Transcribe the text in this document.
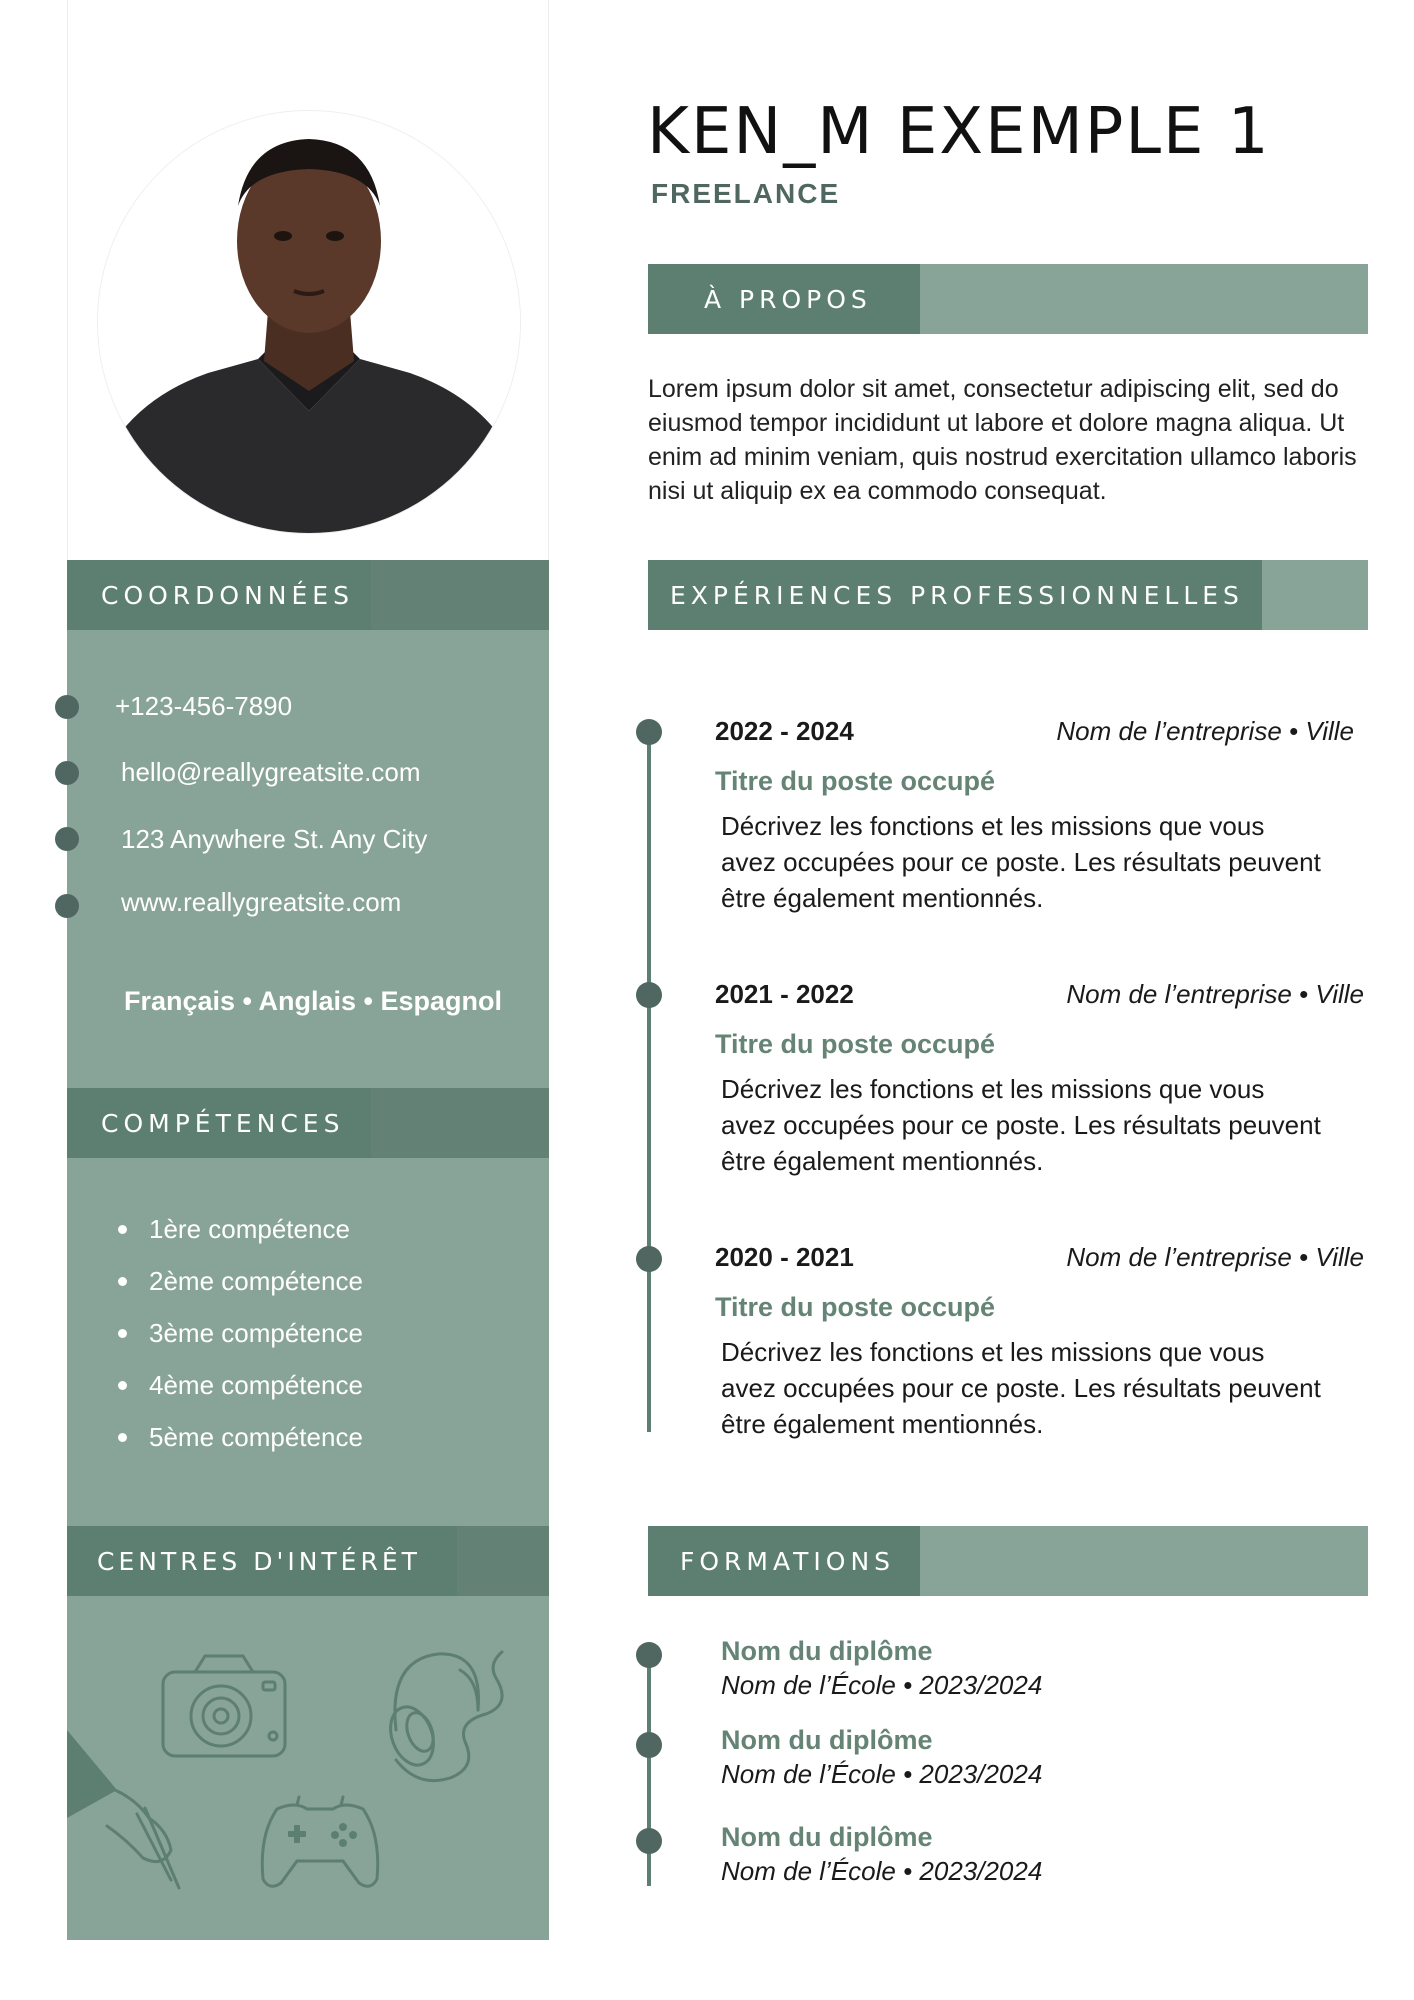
COORDONNÉES
+123-456-7890
hello@reallygreatsite.com
123 Anywhere St. Any City
www.reallygreatsite.com
Français • Anglais • Espagnol
COMPÉTENCES
1ère compétence
2ème compétence
3ème compétence
4ème compétence
5ème compétence
CENTRES D'INTÉRÊT
KEN_M EXEMPLE 1
FREELANCE
À PROPOS
Lorem ipsum dolor sit amet, consectetur adipiscing elit, sed do eiusmod tempor incididunt ut labore et dolore magna aliqua. Ut enim ad minim veniam, quis nostrud exercitation ullamco laboris nisi ut aliquip ex ea commodo consequat.
EXPÉRIENCES PROFESSIONNELLES
2022 - 2024	Nom de l’entreprise • Ville
Titre du poste occupé
Décrivez les fonctions et les missions que vous avez occupées pour ce poste. Les résultats peuvent être également mentionnés.
2021 - 2022	Nom de l’entreprise • Ville
Titre du poste occupé
Décrivez les fonctions et les missions que vous avez occupées pour ce poste. Les résultats peuvent être également mentionnés.
2020 - 2021	Nom de l’entreprise • Ville
Titre du poste occupé
Décrivez les fonctions et les missions que vous avez occupées pour ce poste. Les résultats peuvent être également mentionnés.
FORMATIONS
Nom du diplôme
Nom de l’École • 2023/2024
Nom du diplôme
Nom de l’École • 2023/2024
Nom du diplôme
Nom de l’École • 2023/2024
